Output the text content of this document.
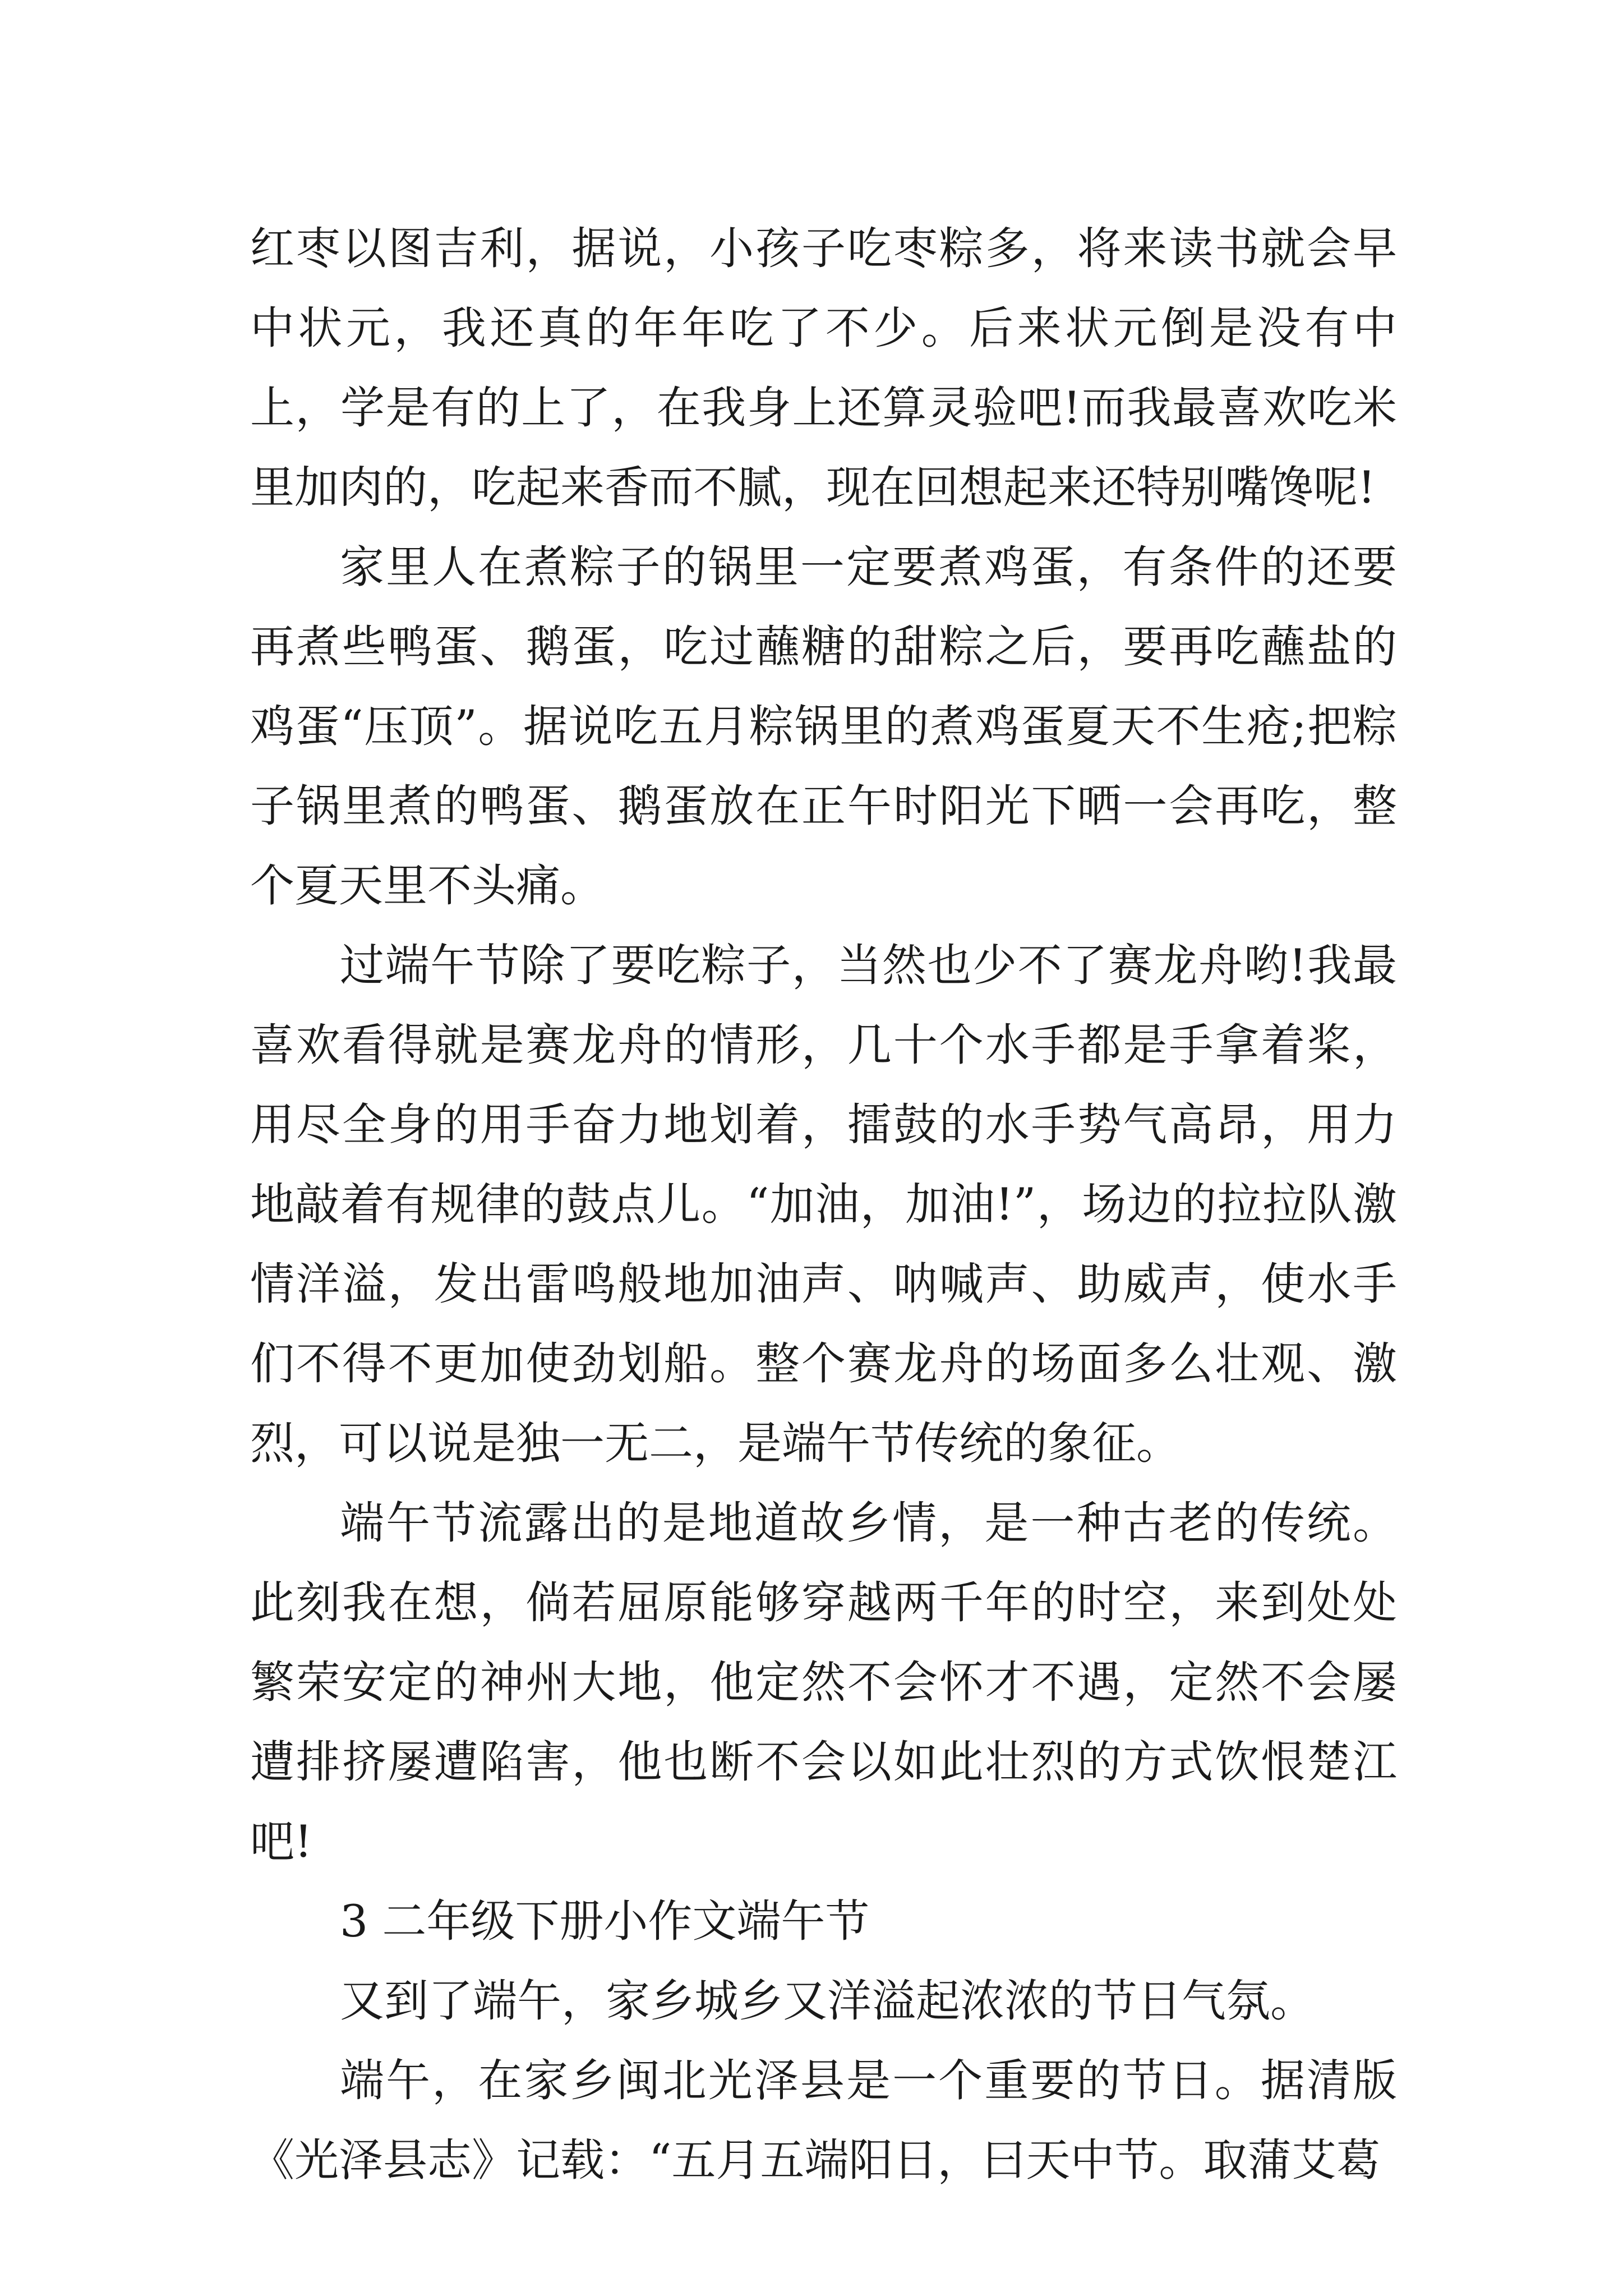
红枣以图吉利，据说，小孩子吃枣粽多，将来读书就会早中状元，我还真的年年吃了不少。后来状元倒是没有中上，学是有的上了，在我身上还算灵验吧!而我最喜欢吃米里加肉的，吃起来香而不腻，现在回想起来还特别嘴馋呢!

家里人在煮粽子的锅里一定要煮鸡蛋，有条件的还要再煮些鸭蛋、鹅蛋，吃过蘸糖的甜粽之后，要再吃蘸盐的鸡蛋“压顶”。据说吃五月粽锅里的煮鸡蛋夏天不生疮;把粽子锅里煮的鸭蛋、鹅蛋放在正午时阳光下晒一会再吃，整个夏天里不头痛。

过端午节除了要吃粽子，当然也少不了赛龙舟哟!我最喜欢看得就是赛龙舟的情形，几十个水手都是手拿着桨，用尽全身的用手奋力地划着，擂鼓的水手势气高昂，用力地敲着有规律的鼓点儿。“加油，加油!”，场边的拉拉队激情洋溢，发出雷鸣般地加油声、呐喊声、助威声，使水手们不得不更加使劲划船。整个赛龙舟的场面多么壮观、激烈，可以说是独一无二，是端午节传统的象征。

端午节流露出的是地道故乡情，是一种古老的传统。此刻我在想，倘若屈原能够穿越两千年的时空，来到处处繁荣安定的神州大地，他定然不会怀才不遇，定然不会屡遭排挤屡遭陷害，他也断不会以如此壮烈的方式饮恨楚江吧!

3 二年级下册小作文端午节

又到了端午，家乡城乡又洋溢起浓浓的节日气氛。

端午，在家乡闽北光泽县是一个重要的节日。据清版《光泽县志》记载：“五月五端阳日，曰天中节。取蒲艾葛
